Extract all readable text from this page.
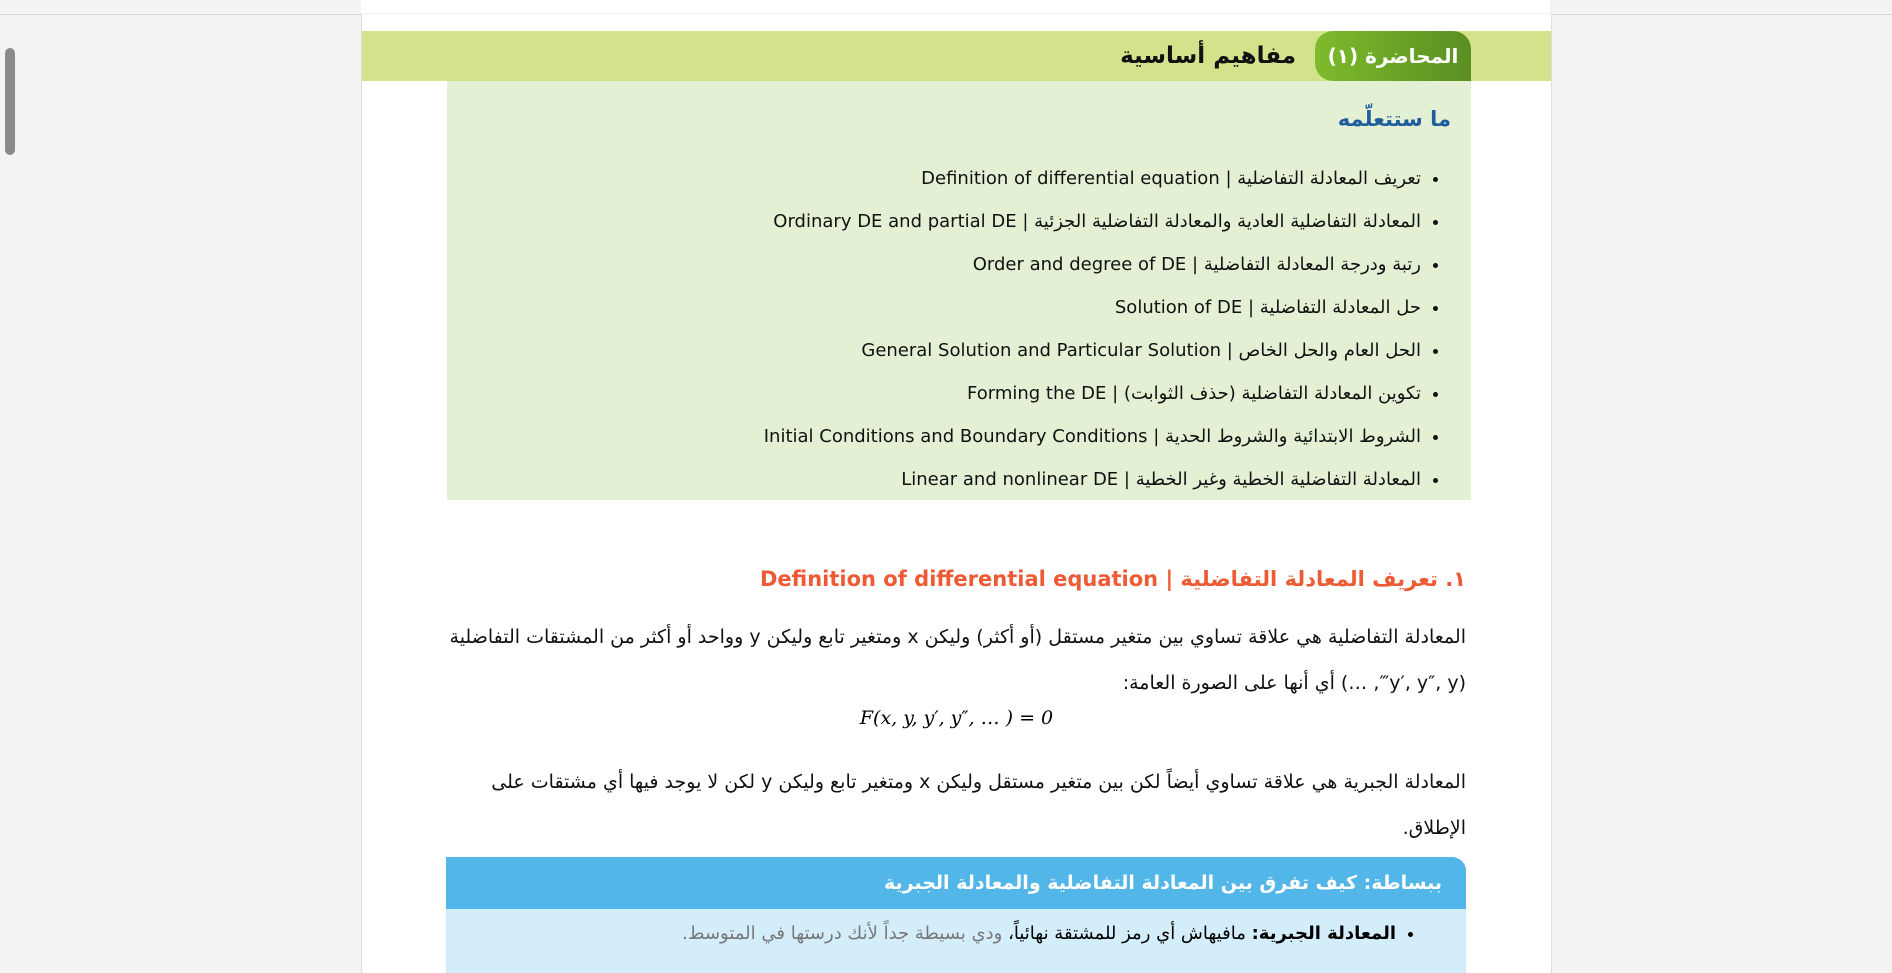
المحاضرة (١)
مفاهيم أساسية
ما ستتعلّمه
• تعريف المعادلة التفاضلية | Definition of differential equation
• المعادلة التفاضلية العادية والمعادلة التفاضلية الجزئية | Ordinary DE and partial DE
• رتبة ودرجة المعادلة التفاضلية | Order and degree of DE
• حل المعادلة التفاضلية | Solution of DE
• الحل العام والحل الخاص | General Solution and Particular Solution
• تكوين المعادلة التفاضلية (حذف الثوابت) | Forming the DE
• الشروط الابتدائية والشروط الحدية | Initial Conditions and Boundary Conditions
• المعادلة التفاضلية الخطية وغير الخطية | Linear and nonlinear DE
١. تعريف المعادلة التفاضلية | Definition of differential equation
المعادلة التفاضلية هي علاقة تساوي بين متغير مستقل (أو أكثر) وليكن x ومتغير تابع وليكن y وواحد أو أكثر من المشتقات التفاضلية (y′, y″, y‴, …) أي أنها على الصورة العامة:
F(x, y, y′, y″, … ) = 0
المعادلة الجبرية هي علاقة تساوي أيضاً لكن بين متغير مستقل وليكن x ومتغير تابع وليكن y لكن لا يوجد فيها أي مشتقات على الإطلاق.
ببساطة: كيف تفرق بين المعادلة التفاضلية والمعادلة الجبرية
• المعادلة الجبرية: مافيهاش أي رمز للمشتقة نهائياً، ودي بسيطة جداً لأنك درستها في المتوسط.
